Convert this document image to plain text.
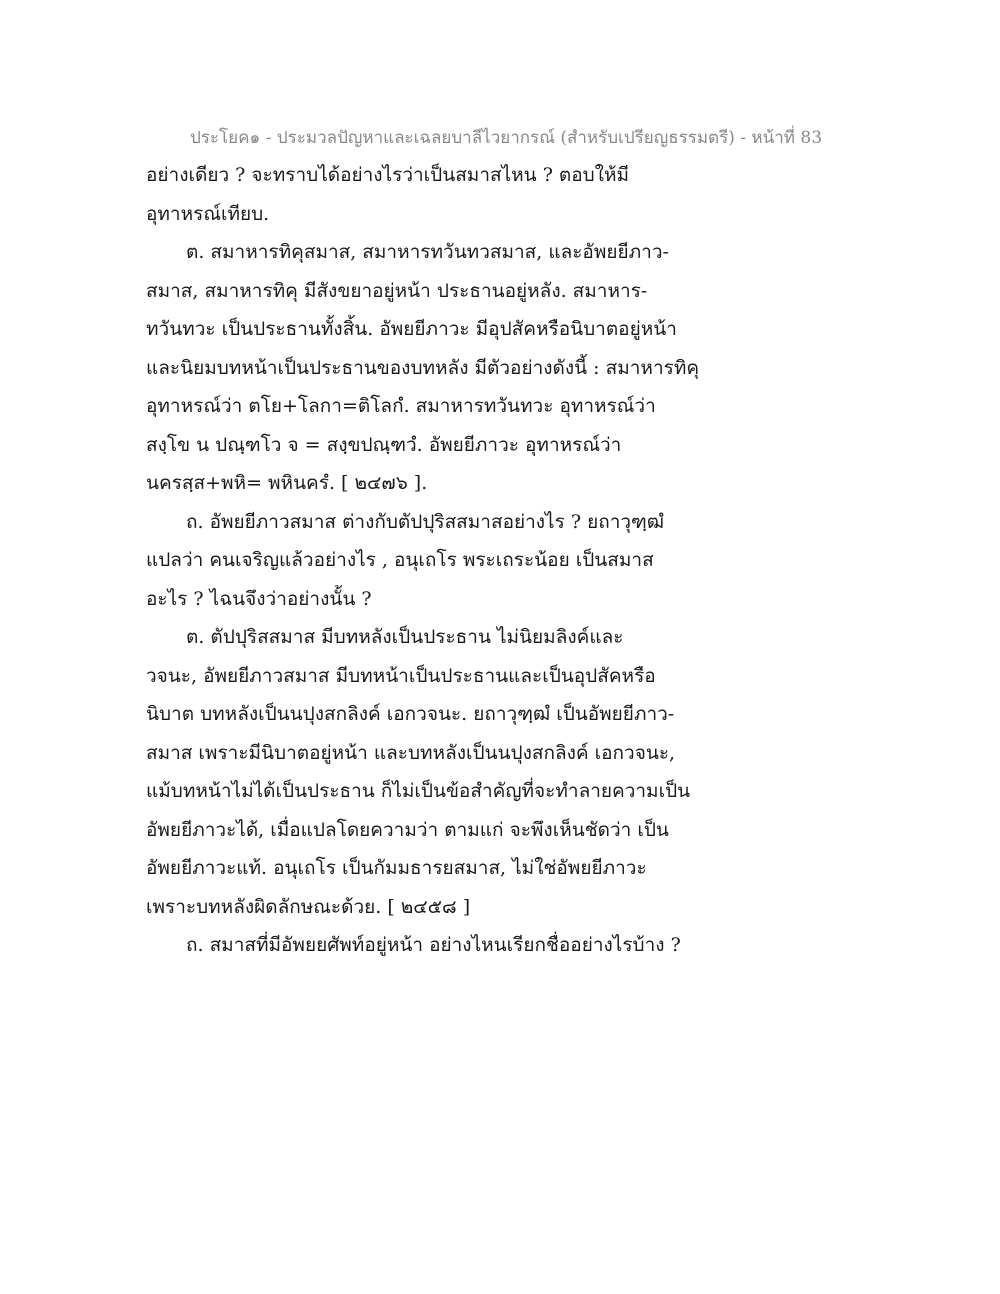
ประโยค๑ - ประมวลปัญหาและเฉลยบาลีไวยากรณ์ (สำหรับเปรียญธรรมตรี) - หน้าที่ 83
อย่างเดียว ? จะทราบได้อย่างไรว่าเป็นสมาสไหน ? ตอบให้มี
อุทาหรณ์เทียบ.
ต. สมาหารทิคุสมาส, สมาหารทวันทวสมาส, และอัพยยีภาว-
สมาส, สมาหารทิคุ มีสังขยาอยู่หน้า ประธานอยู่หลัง. สมาหาร-
ทวันทวะ เป็นประธานทั้งสิ้น. อัพยยีภาวะ มีอุปสัคหรือนิบาตอยู่หน้า
และนิยมบทหน้าเป็นประธานของบทหลัง มีตัวอย่างดังนี้ : สมาหารทิคุ
อุทาหรณ์ว่า ตโย+โลกา=ติโลกํ. สมาหารทวันทวะ อุทาหรณ์ว่า
สงฺโข น ปณฺฑโว จ = สงฺขปณฺฑวํ. อัพยยีภาวะ อุทาหรณ์ว่า
นครสฺส+พหิ= พหินครํ. [ ๒๔๗๖ ].
ถ. อัพยยีภาวสมาส ต่างกับตัปปุริสสมาสอย่างไร ? ยถาวุฑฺฒํ
แปลว่า คนเจริญแล้วอย่างไร , อนุเถโร พระเถระน้อย เป็นสมาส
อะไร ? ไฉนจึงว่าอย่างนั้น ?
ต. ตัปปุริสสมาส มีบทหลังเป็นประธาน ไม่นิยมลิงค์และ
วจนะ, อัพยยีภาวสมาส มีบทหน้าเป็นประธานและเป็นอุปสัคหรือ
นิบาต บทหลังเป็นนปุงสกลิงค์ เอกวจนะ. ยถาวุฑฺฒํ เป็นอัพยยีภาว-
สมาส เพราะมีนิบาตอยู่หน้า และบทหลังเป็นนปุงสกลิงค์ เอกวจนะ,
แม้บทหน้าไม่ได้เป็นประธาน ก็ไม่เป็นข้อสำคัญที่จะทำลายความเป็น
อัพยยีภาวะได้, เมื่อแปลโดยความว่า ตามแก่ จะพึงเห็นชัดว่า เป็น
อัพยยีภาวะแท้. อนุเถโร เป็นกัมมธารยสมาส, ไม่ใช่อัพยยีภาวะ
เพราะบทหลังผิดลักษณะด้วย. [ ๒๔๕๘ ]
ถ. สมาสที่มีอัพยยศัพท์อยู่หน้า อย่างไหนเรียกชื่ออย่างไรบ้าง ?
